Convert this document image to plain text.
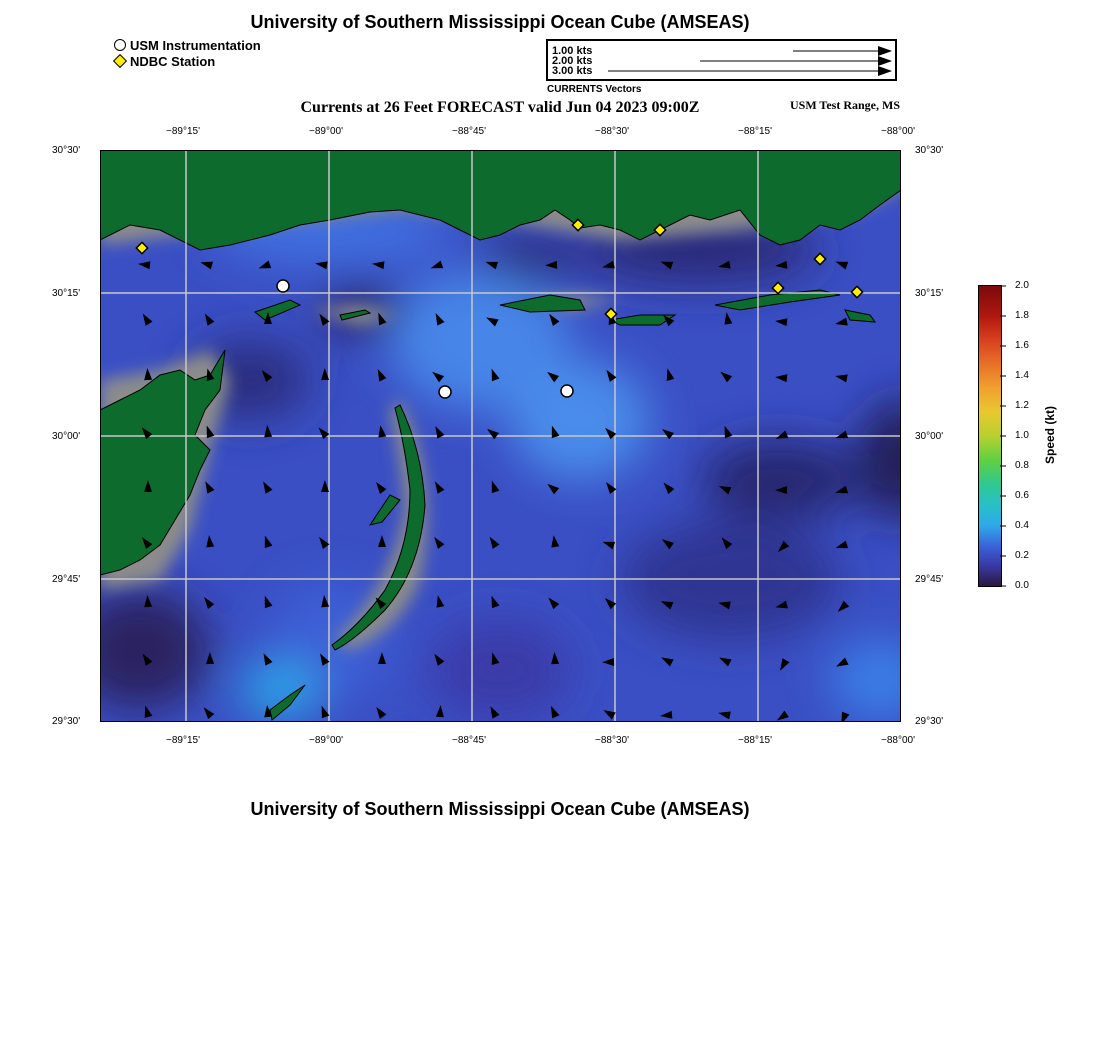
University of Southern Mississippi Ocean Cube (AMSEAS)
USM Instrumentation
NDBC Station
1.00 kts
2.00 kts
3.00 kts
CURRENTS Vectors
Currents at 26 Feet FORECAST valid Jun 04 2023 09:00Z	USM Test Range, MS
−89°15'	−89°00'	−88°45'	−88°30'	−88°15'	−88°00'
−89°15'	−89°00'	−88°45'	−88°30'	−88°15'	−88°00'
30°30'
30°15'
30°00'
29°45'
29°30'
30°30'
30°15'
30°00'
29°45'
29°30'
2.0
1.8
1.6
1.4
1.2
1.0
0.8
0.6
0.4
0.2
0.0
Speed (kt)
University of Southern Mississippi Ocean Cube (AMSEAS)
